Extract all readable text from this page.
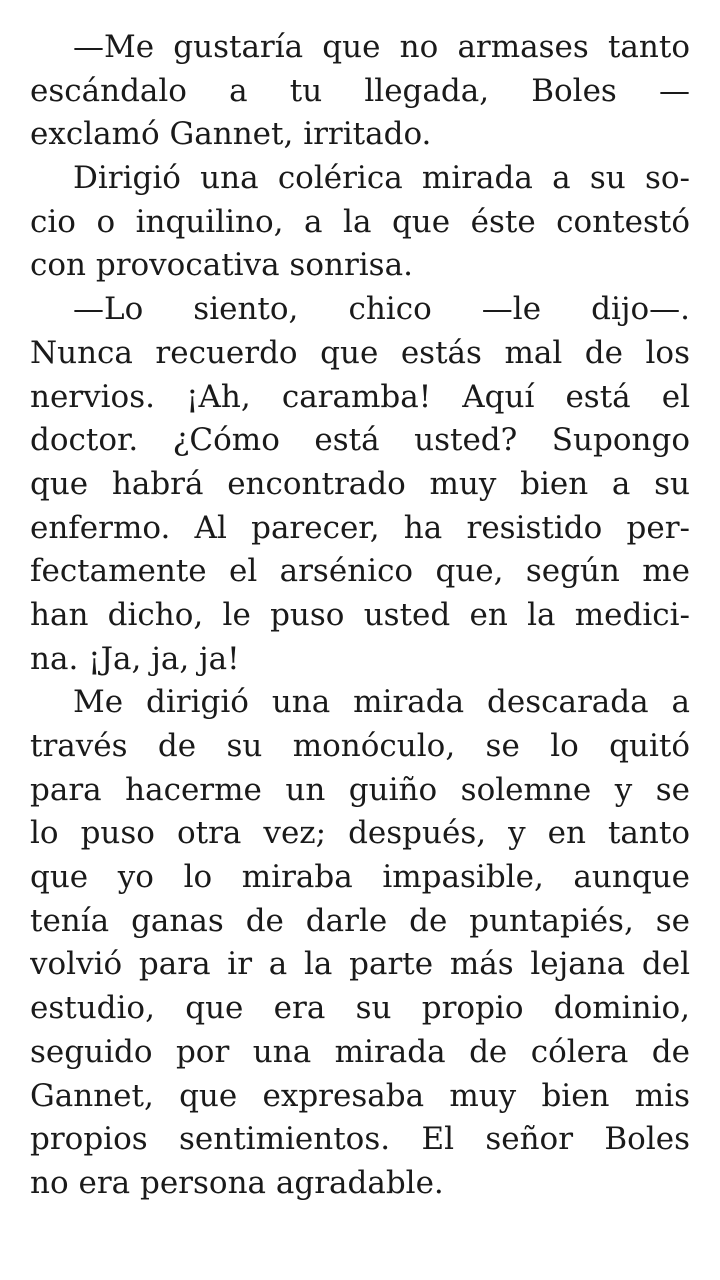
—Me gustaría que no armases tanto
escándalo a tu llegada, Boles —
exclamó Gannet, irritado.

Dirigió una colérica mirada a su so-
cio o inquilino, a la que éste contestó
con provocativa sonrisa.

—Lo siento, chico —le dijo—.
Nunca recuerdo que estás mal de los
nervios. ¡Ah, caramba! Aquí está el
doctor. ¿Cómo está usted? Supongo
que habrá encontrado muy bien a su
enfermo. Al parecer, ha resistido per-
fectamente el arsénico que, según me
han dicho, le puso usted en la medici-
na. ¡Ja, ja, ja!

Me dirigió una mirada descarada a
través de su monóculo, se lo quitó
para hacerme un guiño solemne y se
lo puso otra vez; después, y en tanto
que yo lo miraba impasible, aunque
tenía ganas de darle de puntapiés, se
volvió para ir a la parte más lejana del
estudio, que era su propio dominio,
seguido por una mirada de cólera de
Gannet, que expresaba muy bien mis
propios sentimientos. El señor Boles
no era persona agradable.
